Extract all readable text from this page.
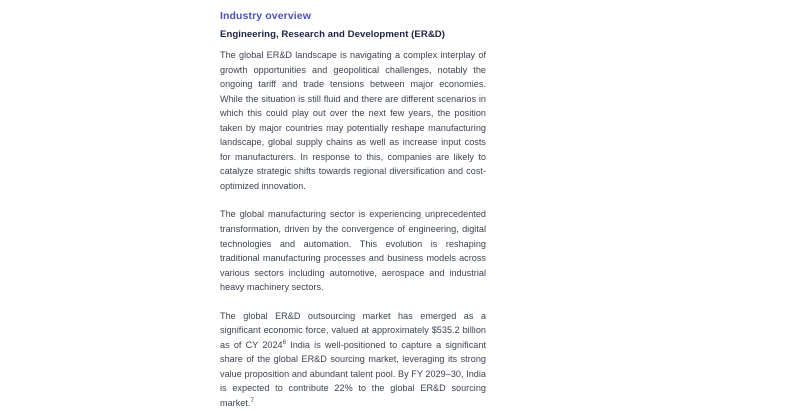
Industry overview
Engineering, Research and Development (ER&D)

The global ER&D landscape is navigating a complex interplay of growth opportunities and geopolitical challenges, notably the ongoing tariff and trade tensions between major economies. While the situation is still fluid and there are different scenarios in which this could play out over the next few years, the position taken by major countries may potentially reshape manufacturing landscape, global supply chains as well as increase input costs for manufacturers. In response to this, companies are likely to catalyze strategic shifts towards regional diversification and cost-optimized innovation.

The global manufacturing sector is experiencing unprecedented transformation, driven by the convergence of engineering, digital technologies and automation. This evolution is reshaping traditional manufacturing processes and business models across various sectors including automotive, aerospace and industrial heavy machinery sectors.

The global ER&D outsourcing market has emerged as a significant economic force, valued at approximately $535.2 billion as of CY 2024$^6$ India is well-positioned to capture a significant share of the global ER&D sourcing market, leveraging its strong value proposition and abundant talent pool. By FY 2029–30, India is expected to contribute 22% to the global ER&D sourcing market.$^7$
